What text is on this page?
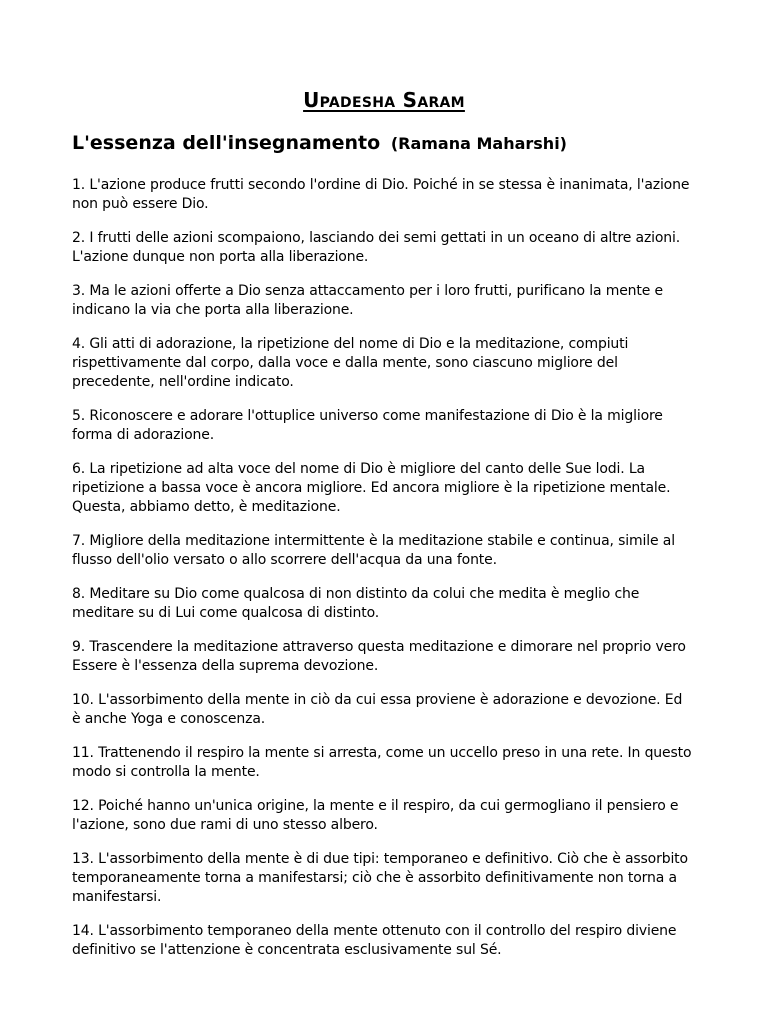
Upadesha Saram
L'essenza dell'insegnamento (Ramana Maharshi)

1. L'azione produce frutti secondo l'ordine di Dio. Poiché in se stessa è inanimata, l'azione non può essere Dio.

2. I frutti delle azioni scompaiono, lasciando dei semi gettati in un oceano di altre azioni. L'azione dunque non porta alla liberazione.

3. Ma le azioni offerte a Dio senza attaccamento per i loro frutti, purificano la mente e indicano la via che porta alla liberazione.

4. Gli atti di adorazione, la ripetizione del nome di Dio e la meditazione, compiuti rispettivamente dal corpo, dalla voce e dalla mente, sono ciascuno migliore del precedente, nell'ordine indicato.

5. Riconoscere e adorare l'ottuplice universo come manifestazione di Dio è la migliore forma di adorazione.

6. La ripetizione ad alta voce del nome di Dio è migliore del canto delle Sue lodi. La ripetizione a bassa voce è ancora migliore. Ed ancora migliore è la ripetizione mentale. Questa, abbiamo detto, è meditazione.

7. Migliore della meditazione intermittente è la meditazione stabile e continua, simile al flusso dell'olio versato o allo scorrere dell'acqua da una fonte.

8. Meditare su Dio come qualcosa di non distinto da colui che medita è meglio che meditare su di Lui come qualcosa di distinto.

9. Trascendere la meditazione attraverso questa meditazione e dimorare nel proprio vero Essere è l'essenza della suprema devozione.

10. L'assorbimento della mente in ciò da cui essa proviene è adorazione e devozione. Ed è anche Yoga e conoscenza.

11. Trattenendo il respiro la mente si arresta, come un uccello preso in una rete. In questo modo si controlla la mente.

12. Poiché hanno un'unica origine, la mente e il respiro, da cui germogliano il pensiero e l'azione, sono due rami di uno stesso albero.

13. L'assorbimento della mente è di due tipi: temporaneo e definitivo. Ciò che è assorbito temporaneamente torna a manifestarsi; ciò che è assorbito definitivamente non torna a manifestarsi.

14. L'assorbimento temporaneo della mente ottenuto con il controllo del respiro diviene definitivo se l'attenzione è concentrata esclusivamente sul Sé.
